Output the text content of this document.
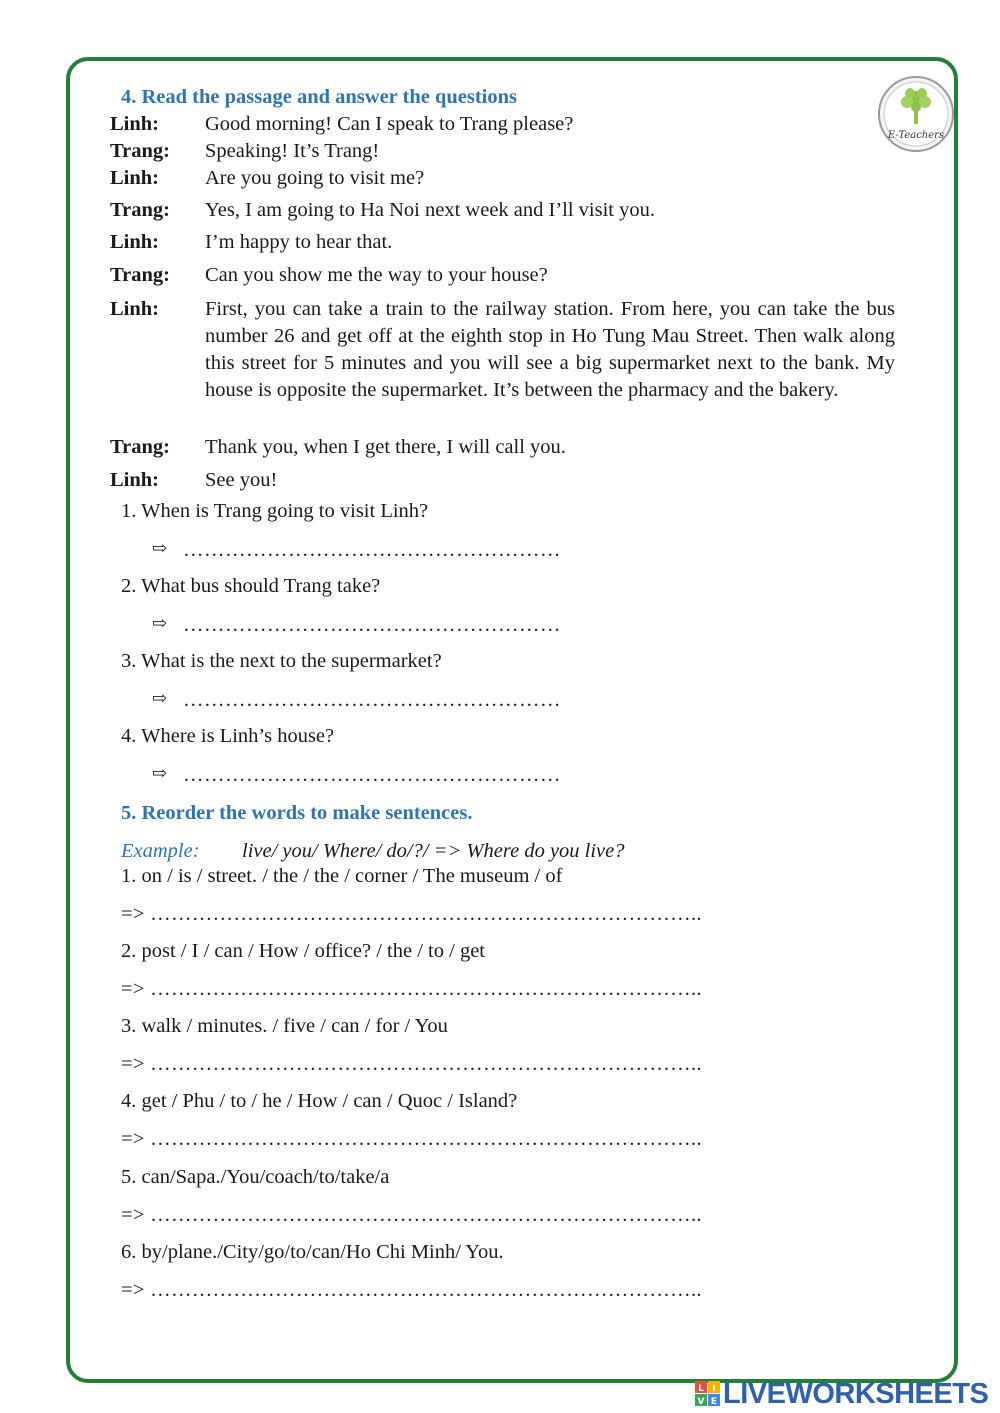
E-Teachers
4. Read the passage and answer the questions
Linh: Good morning! Can I speak to Trang please?
Trang: Speaking! It’s Trang!
Linh: Are you going to visit me?
Trang: Yes, I am going to Ha Noi next week and I’ll visit you.
Linh: I’m happy to hear that.
Trang: Can you show me the way to your house?
Linh: First, you can take a train to the railway station. From here, you can take the bus number 26 and get off at the eighth stop in Ho Tung Mau Street. Then walk along this street for 5 minutes and you will see a big supermarket next to the bank. My house is opposite the supermarket. It’s between the pharmacy and the bakery.
Trang: Thank you, when I get there, I will call you.
Linh: See you!
1. When is Trang going to visit Linh?
⇨ ………………………………………………
2. What bus should Trang take?
⇨ ………………………………………………
3. What is the next to the supermarket?
⇨ ………………………………………………
4. Where is Linh’s house?
⇨ ………………………………………………
5. Reorder the words to make sentences.
Example: live/ you/ Where/ do/?/ => Where do you live?
1. on / is / street. / the / the / corner / The museum / of
=> ……………………………………………………………………..
2. post / I / can / How / office? / the / to / get
=> ……………………………………………………………………..
3. walk / minutes. / five / can / for / You
=> ……………………………………………………………………..
4. get / Phu / to / he / How / can / Quoc / Island?
=> ……………………………………………………………………..
5. can/Sapa./You/coach/to/take/a
=> ……………………………………………………………………..
6. by/plane./City/go/to/can/Ho Chi Minh/ You.
=> ……………………………………………………………………..
L I
V E LIVEWORKSHEETS
